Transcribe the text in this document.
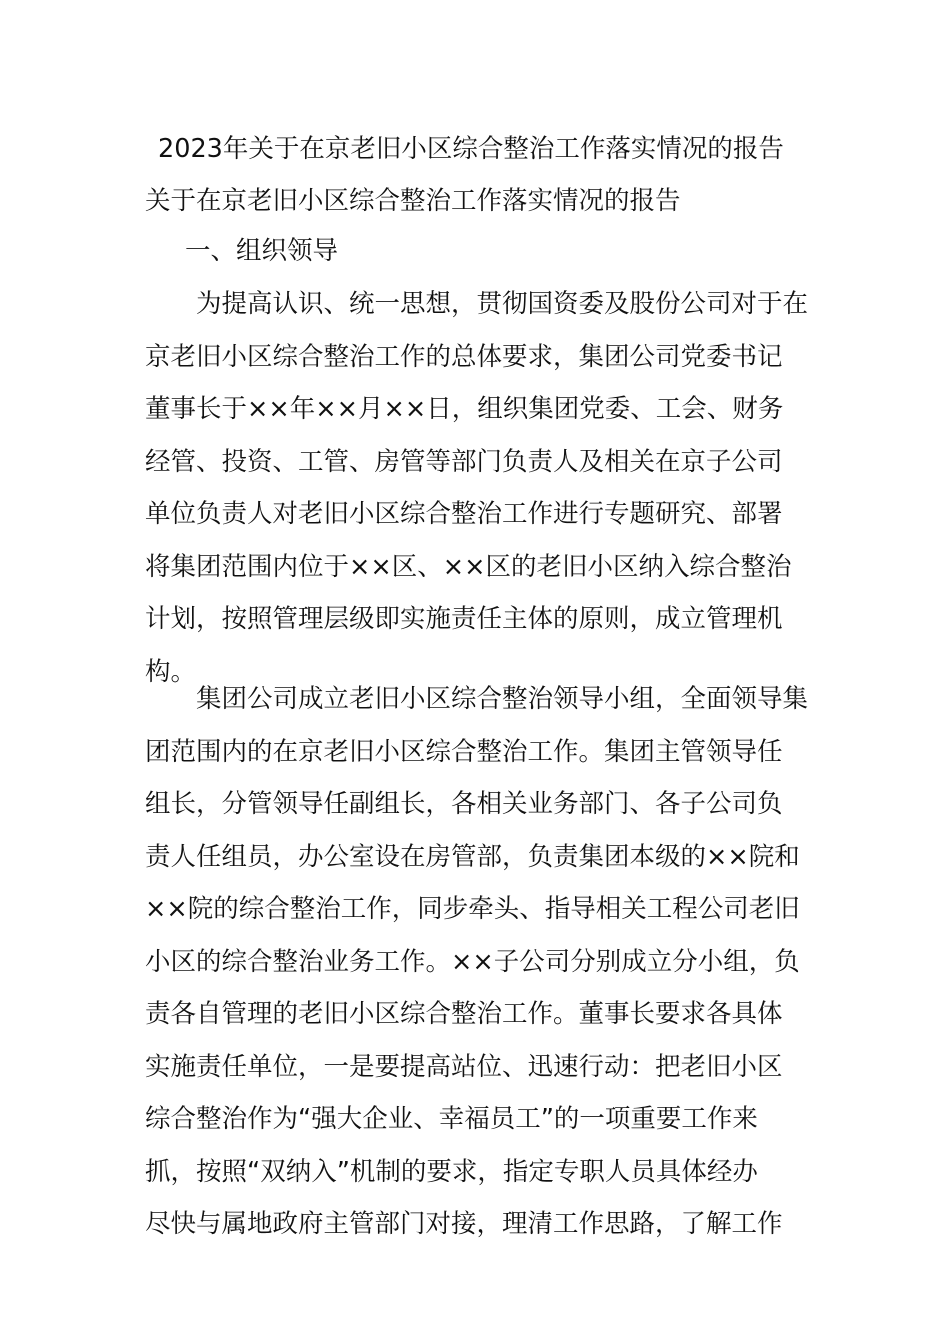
2023年关于在京老旧小区综合整治工作落实情况的报告
关于在京老旧小区综合整治工作落实情况的报告
一、组织领导

　　为提高认识、统一思想，贯彻国资委及股份公司对于在
京老旧小区综合整治工作的总体要求，集团公司党委书记
董事长于××年××月××日，组织集团党委、工会、财务
经管、投资、工管、房管等部门负责人及相关在京子公司
单位负责人对老旧小区综合整治工作进行专题研究、部署
将集团范围内位于××区、××区的老旧小区纳入综合整治
计划，按照管理层级即实施责任主体的原则，成立管理机
构。

　　集团公司成立老旧小区综合整治领导小组，全面领导集
团范围内的在京老旧小区综合整治工作。集团主管领导任
组长，分管领导任副组长，各相关业务部门、各子公司负
责人任组员，办公室设在房管部，负责集团本级的××院和
××院的综合整治工作，同步牵头、指导相关工程公司老旧
小区的综合整治业务工作。××子公司分别成立分小组，负
责各自管理的老旧小区综合整治工作。董事长要求各具体
实施责任单位，一是要提高站位、迅速行动：把老旧小区
综合整治作为“强大企业、幸福员工”的一项重要工作来
抓，按照“双纳入”机制的要求，指定专职人员具体经办
尽快与属地政府主管部门对接，理清工作思路，了解工作
